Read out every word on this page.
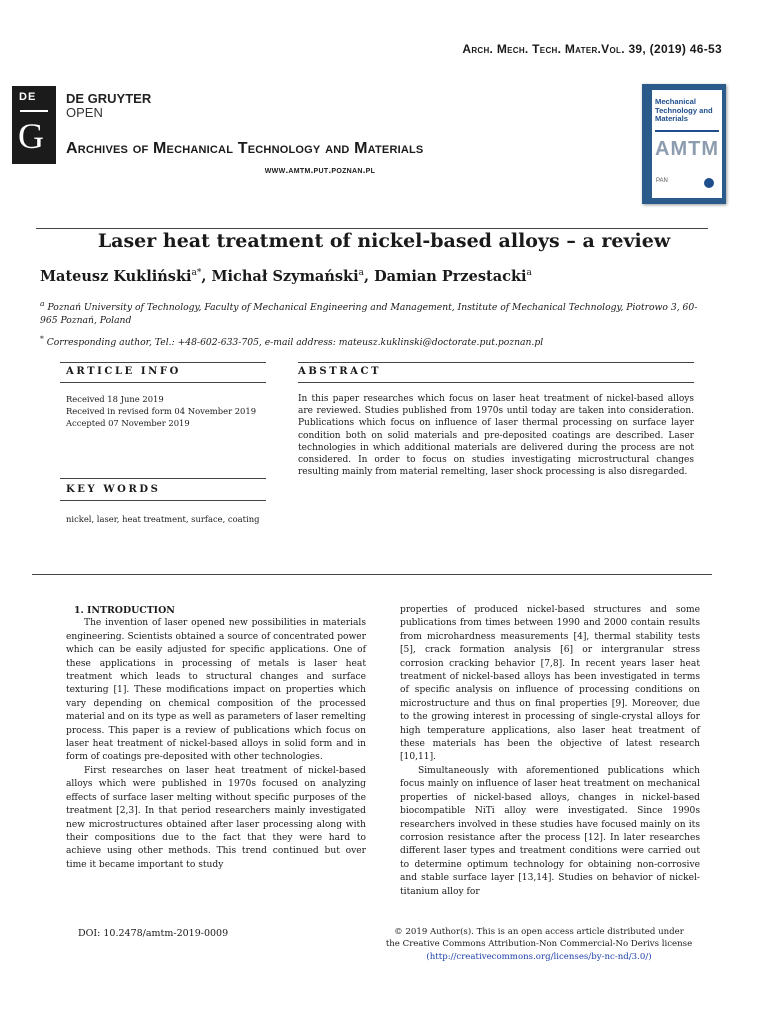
Arch. Mech. Tech. Mater.Vol. 39, (2019) 46-53
DE
G
DE GRUYTER
OPEN
Archives of Mechanical Technology and Materials
www.amtm.put.poznan.pl
Mechanical Technology and Materials
AMTM
PAN
Laser heat treatment of nickel-based alloys – a review
Mateusz Kukliński$^{a*}$, Michał Szymański$^a$, Damian Przestacki$^a$
$^a$ Poznań University of Technology, Faculty of Mechanical Engineering and Management, Institute of Mechanical Technology, Piotrowo 3, 60-965 Poznań, Poland
* Corresponding author, Tel.: +48-602-633-705, e-mail address: mateusz.kuklinski@doctorate.put.poznan.pl
ARTICLE INFO
Received 18 June 2019
Received in revised form 04 November 2019
Accepted 07 November 2019
KEY WORDS
nickel, laser, heat treatment, surface, coating
ABSTRACT
In this paper researches which focus on laser heat treatment of nickel-based alloys are reviewed. Studies published from 1970s until today are taken into consideration. Publications which focus on influence of laser thermal processing on surface layer condition both on solid materials and pre-deposited coatings are described. Laser technologies in which additional materials are delivered during the process are not considered. In order to focus on studies investigating microstructural changes resulting mainly from material remelting, laser shock processing is also disregarded.

1. INTRODUCTION

The invention of laser opened new possibilities in materials engineering. Scientists obtained a source of concentrated power which can be easily adjusted for specific applications. One of these applications in processing of metals is laser heat treatment which leads to structural changes and surface texturing [1]. These modifications impact on properties which vary depending on chemical composition of the processed material and on its type as well as parameters of laser remelting process. This paper is a review of publications which focus on laser heat treatment of nickel-based alloys in solid form and in form of coatings pre-deposited with other technologies.

First researches on laser heat treatment of nickel-based alloys which were published in 1970s focused on analyzing effects of surface laser melting without specific purposes of the treatment [2,3]. In that period researchers mainly investigated new microstructures obtained after laser processing along with their compositions due to the fact that they were hard to achieve using other methods. This trend continued but over time it became important to study

properties of produced nickel-based structures and some publications from times between 1990 and 2000 contain results from microhardness measurements [4], thermal stability tests [5], crack formation analysis [6] or intergranular stress corrosion cracking behavior [7,8]. In recent years laser heat treatment of nickel-based alloys has been investigated in terms of specific analysis on influence of processing conditions on microstructure and thus on final properties [9]. Moreover, due to the growing interest in processing of single-crystal alloys for high temperature applications, also laser heat treatment of these materials has been the objective of latest research [10,11].

Simultaneously with aforementioned publications which focus mainly on influence of laser heat treatment on mechanical properties of nickel-based alloys, changes in nickel-based biocompatible NiTi alloy were investigated. Since 1990s researchers involved in these studies have focused mainly on its corrosion resistance after the process [12]. In later researches different laser types and treatment conditions were carried out to determine optimum technology for obtaining non-corrosive and stable surface layer [13,14]. Studies on behavior of nickel-titanium alloy for

DOI: 10.2478/amtm-2019-0009	© 2019 Author(s). This is an open access article distributed under
the Creative Commons Attribution-Non Commercial-No Derivs license
(http://creativecommons.org/licenses/by-nc-nd/3.0/)
